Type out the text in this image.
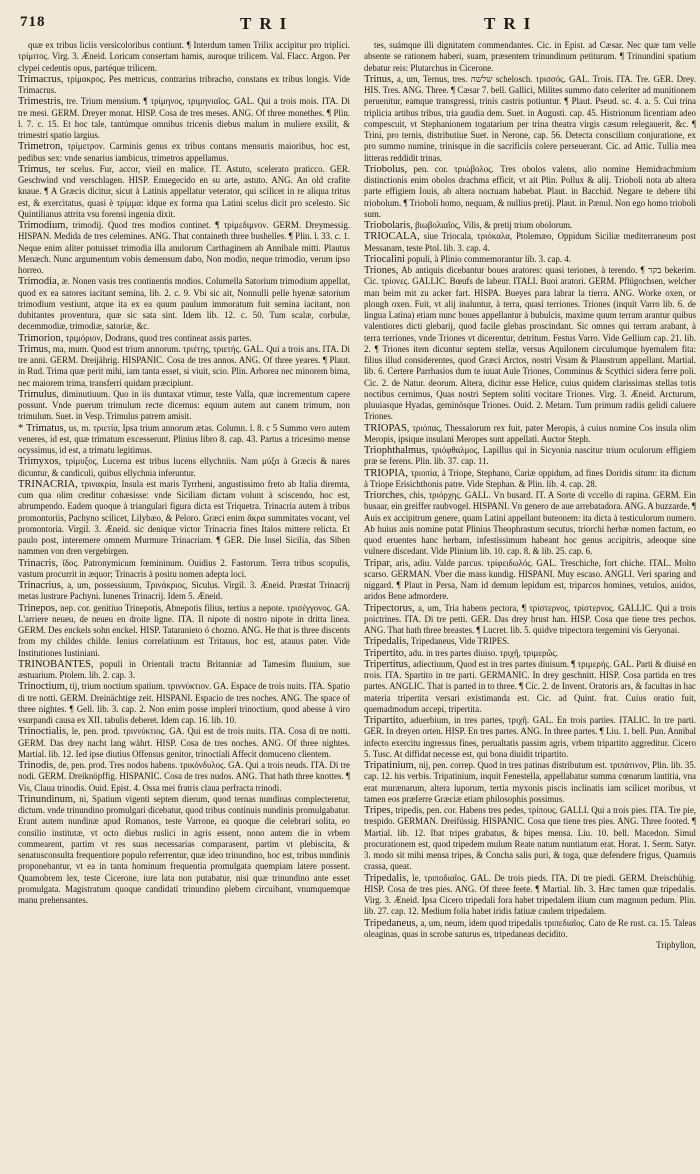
718	TRI	TRI

quæ ex tribus liciis versicoloribus contiunt. ¶ Interdum tamen Trilix accipitur pro triplici. τρίμιτος. Virg. 3. Æneid. Loricam consertam hamis, auroque trilicem. Val. Flacc. Argon. Per clypei cedentis opus, partéque trilicem.

Trimacrus, τρίμακρος. Pes metricus, contrarius tribracho, constans ex tribus longis. Vide Trimacrus.

Trimestris, tre. Trium mensium. ¶ τρίμηνος, τριμηνιαῖος. GAL. Qui a trois mois. ITA. Di tre mesi. GERM. Dreyer monat. HISP. Cosa de tres meses. ANG. Of three monethes. ¶ Plin. l. 7. c. 15. Et hoc tale, tantúmque omnibus tricenis diebus malum in muliere exsilit, & trimestri spatio largius.

Trimetron, τρίμετρον. Carminis genus ex tribus contans mensuris maioribus, hoc est, pedibus sex: vnde senarius iambicus, trimetros appellamus.

Trimus, ter scelus. Fur, accor, vieil en malice. IT. Astuto, scelerato praticco. GER. Geschwind vnd verschlagen. HISP. Enuegecido en su arte, astuto. ANG. An old crafite knaue. ¶ A Græcis dicitur, sicut à Latinis appellatur veterator, qui scilicet in re aliqua tritus est, & exercitatus, quasi è τρίμμα: idque ex forma qua Latini scelus dicit pro scelesto. Sic Quintilianus attrita vsu forensi ingenia dixit.

Trimodium, trimodij. Quod tres modios continet. ¶ τρίμεδιμνον. GERM. Dreymessig. HISPAN. Medida de tres celemines. ANG. That containeth three bushelles. ¶ Plin. l. 33. c. 1. Neque enim aliter potuisset trimodia illa anulorum Carthaginem ab Annibale mitti. Plautus Menæch. Nunc argumentum vobis demensum dabo, Non modio, neque trimodio, verum ipso horreo.

Trimodia, æ. Nonen vasis tres continentis modios. Columella Satorium trimodium appellat, quod ex ea satores iacitant semina, lib. 2. c. 9. Vbi sic ait, Nonnulli pelle hyenæ satorium trimodium vestiunt, atque ita ex ea quum paulum immoratum fuit semina iacitant, non dubitantes proventura, quæ sic sata sint. Idem lib. 12. c. 50. Tum scalæ, corbulæ, decemmodiæ, trimodiæ, satoriæ, &c.

Trimorion, τριμόριον, Dodrans, quod tres contineat assis partes.

Trimus, ma, mum. Quod est trium annorum. τριέτης, τριετής. GAL. Qui a trois ans. ITA. Di tre anni. GERM. Dreijährig. HISPANIC. Cosa de tres annos. ANG. Of three yeares. ¶ Plaut. in Rud. Trima quæ perit mihi, iam tanta esset, si viuit, scio. Plin. Arborea nec minorem bima, nec maiorem trima, transferri quidam præcipiunt.

Trimulus, diminutiuum. Quo in iis duntaxat vtimur, teste Valla, quæ incrementum capere possunt. Vnde puerum trimulum recte dicemus: equum autem aut canem trimum, non trimulum. Suet. in Vesp. Trimulus patrem amisit.

* Trimatus, us, m. τριετία, Ipsa trium annorum ætas. Column. l. 8. c 5 Summo vero autem veneres, id est, quæ trimatum excesserunt. Plinius libro 8. cap. 43. Partus a tricesimo mense ocyssimus, id est, a trimatu legitimus.

Trimyxos, τρίμυξος, Lucerna est tribus lucens ellychniis. Nam μύξα à Græcis & nares dicuntur, & candiculi, quibus ellychnia inferuntur.

TRINACRIA, τρινακρία, Insula est maris Tyrrheni, angustissimo freto ab Italia diremta, cum qua olim creditur cohæsisse: vnde Siciliam dictam volunt à sciscendo, hoc est, abrumpendo. Eadem quoque à triangulari figura dicta est Triquetra. Trinacria autem à tribus promontoriis, Pachyno scilicet, Lilybæo, & Peloro. Græci enim ἄκρα summitates vocant, vel promontoria. Virgil. 3. Æneid. sic denique victor Trinacria fines Italos mittere relicta. Et paulo post, interemere omnem Murmure Trinacriam. ¶ GER. Die Insel Sicilia, das Siben nammen von dren vergebirgen.

Trinacris, ἴδος. Patronymicum fœmininum. Ouidius 2. Fastorum. Terra tribus scopulis, vastum procurrit in æquor; Trinacris à positu nomen adepta loci.

Trinacrius, a, um, possessiuum, Τρινάκριος, Siculus. Virgil. 3. Æneid. Præstat Trinacrij metas lustrare Pachyni. Iunenes Trinacrij. Idem 5. Æneid.

Trinepos, nep. cor. genitiuo Trinepotis, Abnepotis filius, tertius a nepote. τρισέγγονος. GA. L'arriere neueu, de neueu en droite ligne. ITA. Il nipote di nostro nipote in dritta linea. GERM. Des enckels sohn enckel. HISP. Tataranieto ó chozno. ANG. He that is three discents from my childes childe. Ienius correlatiuum est Tritauus, hoc est, atauus pater. Vide Institutiones Iustiniani.

TRINOBANTES, populi in Orientali tractu Britanniæ ad Tamesim fluuium, sue æstuarium. Ptolem. lib. 2. cap. 3.

Trinoctium, tij, trium noctium spatium. τριννύκτιον. GA. Espace de trois nuits. ITA. Spatio di tre notti. GERM. Dreinächtige zeit. HISPANI. Espacio de tres noches. ANG. The space of three nightes. ¶ Gell. lib. 3. cap. 2. Non enim posse impleri trinoctium, quod abesse à viro vsurpandi causa ex XII. tabulis deberet. Idem cap. 16. lib. 10.

Trinoctialis, le, pen. prod. τριννύκτιος. GA. Qui est de trois nuits. ITA. Cosa di tre notti. GERM. Das drey nacht lang währt. HISP. Cosa de tres noches. ANG. Of three nightes. Martial. lib. 12. Ied ipse diutius Offensus genitor, trinoctiali Affecit domuceno clientem.

Trinodis, de, pen. prod. Tres nodos habens. τρικόνδυλος. GA. Qui a trois neuds. ITA. Di tre nodi. GERM. Dreiknöpffig. HISPANIC. Cosa de tres nudos. ANG. That hath three knottes. ¶ Vis, Claua trinodis. Ouid. Epist. 4. Ossa mei fratris claua perfracta trinodi.

Trinundinum, ni, Spatium vigenti septem dierum, quod ternas nundinas complecteretur, dictum. vnde trinundino promulgari dicebatur, quod tribus continuis nundinis promulgabatur. Erant autem nundinæ apud Romanos, teste Varrone, ea quoque die celebrari solita, eo consilio institutæ, vt octo diebus ruslici in agris essent, nono autem die in vrbem commearent, partim vt res suas necessarias comparasent, partim vt plebiscita, & senatusconsulta frequentiore populo referrentur, quæ ideo trinundino, hoc est, tribus nundinis proponebantur, vt ea in tanta hominum frequentia promulgata quempiam latere possent. Quamobrem lex, teste Cicerone, iure lata non putabatur, nisi quæ trinundino ante esset promulgata. Magistratum quoque candidati trinundino plebem circuibant, vnumquemque manu prehensantes.

tes, suámque illi dignitatem commendantes. Cic. in Epist. ad Cæsar. Nec quæ tam velle absente se rationem haberi, suam, præsentem trinundinum petiturum. ¶ Trinundini spatium debatur reis: Plutarchus in Cicerone.

Trinus, a, um, Ternus, tres. שלשה schelosch. τρισσός. GAL. Trois. ITA. Tre. GER. Drey. HIS. Tres. ANG. Three. ¶ Cæsar 7. bell. Gallici, Milites summo dato celeriter ad munitionem peruenitur, eamque transgressi, trinis castris potiuntur. ¶ Plaut. Pseud. sc. 4. a. 5. Cui trina triplicia artibus tribus, tria gaudia dem. Suet. in Augusti. cap. 45. Histrionum licentiam adeo compescuit, vt Stephanionem togatarium per trina theatra virgis cæsum relegauerit, &c. ¶ Trini, pro ternis, distributiue Suet. in Nerone, cap. 56. Detecta conscilium conjuratione, ex pro summo numine, trinisque in die sacrificiis colere perseuerant. Cic. ad Attic. Tullia mea litteras reddidit trinas.

Triobolus, pen. cor. τριώβολος. Tres obolos valens, alio nomine Hemidrachmium distinctionis enim obolos drachma efficit, vt ait Plin. Pollux & alij. Trioboli nota ab altera parte effigiem Iouis, ab altera noctuam habebat. Plaut. in Bacchid. Negare te debere tibi triobolum. ¶ Trioboli homo, nequam, & nullius pretij. Plaut. in Pænul. Non ego homo trioboli sum.

Triobolaris, βιωβολιαῖος, Vilis, & pretij trium obolorum.

TRIOCALA, siue Triocala, τριόκαλα, Ptolemæo, Oppidum Siciliæ mediterraneum post Messanam, teste Ptol. lib. 3. cap. 4.

Triocalini populi, à Plinio commemorantur lib. 3. cap. 4.

Triones, Ab antiquis dicebantur boues aratores: quasi teriones, à terendo. ¶ בקר bekerim. Cic. τρίονες. GALLIC. Bœufs de labeur. ITALI. Buoi aratori. GERM. Pflügochsen, welcher man beim mit zu acker fart. HISPA. Bueyes para labrar la tierra. ANG. Worke oxen, or plough oxen. Fuit, vt alij inaluntur, à terra, quasi terriones. Triones (inquit Varro lib. 6. de lingua Latina) etiam nunc boues appellantur à bubulcis, maxime quum terram arantur quibus valentiores dicti glebarij, quod facile glebas proscindant. Sic omnes qui terram arabant, à terra terriones, vnde Triones vt dicerentur, detritum. Festus Varro. Vide Gellium cap. 21. lib. 2. ¶ Triones item dicuntur septem stellæ, versus Aquilonem circulumque hyemalem fita: filius illud considerentes, quod Græci Arctos, nostri Vrsam & Plaustrum appellant. Martial. lib. 6. Certere Parrhasios dum te iuuat Aule Triones, Comminus & Scythici sidera ferre poli. Cic. 2. de Natur. deorum. Altera, dicitur esse Helice, cuius quidem clarissimas stellas totis noctibus cernimus, Quas nostri Septem soliti vocitare Triones. Virg. 3. Æneid. Arcturum, pluuiasque Hyadas, geminósque Triones. Ouid. 2. Metam. Tum primum radiis gelidi caluere Triones.

TRIOPAS, τριόπας, Thessalorum rex fuit, pater Meropis, à cuius nomine Cos insula olim Meropis, ipsique insulani Meropes sunt appellati. Auctor Steph.

Triophthalmus, τριόφθαλμος, Lapillus qui in Sicyonia nascitur trium oculorum effigiem præ se ferens. Plin. lib. 37. cap. 11.

TRIOPIA, τριοπία, à Triope, Stephano, Cariæ oppidum, ad fines Doridis situm: ita dictum à Triope Erisichthonis patre. Vide Stephan. & Plin. lib. 4. cap. 28.

Triorches, chis, τριόρχης. GALL. Vn busard. IT. A Sorte di vccello di rapina. GERM. Ein busaar, ein greiffer raubvogel. HISPANI. Vn genero de aue arrebatadora. ANG. A buzzarde. ¶ Auis ex accipitrum genere, quam Latini appellant buteonem: ita dicta à testiculorum numero. Ab huius auis nomine putat Plinius Theophrastum secutus, triorchi herbæ nomen factum, eo quod eruentes hanc herbam, infestissimum habeant hoc genus accipitris, adeoque sine vulnere discedant. Vide Plinium lib. 10. cap. 8. & lib. 25. cap. 6.

Tripar, aris, adiu. Valde parcus. τρίφειδωλός. GAL. Treschiche, fort chiche. ITAL. Molto scarso. GERMAN. Vber die mass kundig. HISPANI. Muy escaso. ANGLI. Veri sparing and niggard. ¶ Plaut in Persa, Nam id demum lepidum est, triparcos homines, vetulos, auidos, aridos Bene admordere.

Tripectorus, a, um, Tria habens pectora, ¶ τρίστερνος, τρίστερνος. GALLIC. Qui a trois poictrines. ITA. Di tre petti. GER. Das drey brust han. HISP. Cosa que tiene tres pechos. ANG. That hath three breastes. ¶ Lucret. lib. 5. quidve tripectora tergemini vis Geryonai.

Tripedalis, Tripedaneus, Vide TRIPES.

Tripertito, adu. in tres partes diuiso. τριχῆ, τριμερῶς.

Tripertitus, adiectiuum, Quod est in tres partes diuisum. ¶ τριμερής. GAL. Parti & diuisé en trois. ITA. Spartito in tre parti. GERMANIC. In drey geschnitt. HISP. Cosa partida en tres partes. ANGLIC. That is parted in to three. ¶ Cic. 2. de Invent. Oratoris ars, & facultas in hac materia tripertita versari existimanda est. Cic. ad Quint. frat. Cuius oratio fuit, quemadmodum accepi, tripertita.

Tripartito, aduerbium, in tres partes, τριχῆ. GAL. En trois parties. ITALIC. In tre parti. GER. In dreyen orten. HISP. En tres partes. ANG. In three partes. ¶ Liu. 1. bell. Pun. Annibal infecto exercitu ingressus fines, perualtatis passim agris, vrbem tripartito aggreditur. Cicero 5. Tusc. At diffidat necesse est, qui bona diuidit tripartito.

Tripatinium, nij, pen. correp. Quod in tres patinas distributum est. τριπάτινον, Plin. lib. 35. cap. 12. his verbis. Tripatinium, inquit Fenestella, appellabatur summa cœnarum lautitia, vna erat murænarum, altera luporum, tertia myxonis piscis inclinatis iam scilicet moribus, vt tamen eos præferre Græciæ etiam philosophis possimus.

Tripes, tripedis, pen. cor. Habens tres pedes, τρίπους. GALLI. Qui a trois pies. ITA. Tre pie, trespido. GERMAN. Dreifüssig. HISPANIC. Cosa que tiene tres pies. ANG. Three footed. ¶ Martial. lib. 12. Ibat tripes grabatus, & bipes mensa. Liu. 10. bell. Macedon. Simul procurationem est, quod tripedem mulum Reate natum nuntiatum erat. Horat. 1. Serm. Satyr. 3. modo sit mihi mensa tripes, & Concha salis puri, & toga, quæ defendere frigus, Quamuis crassa, queat.

Tripedalis, le, τριποδιαῖος. GAL. De trois pieds. ITA. Di tre piedi. GERM. Dreischühig. HISP. Cosa de tres pies. ANG. Of three feete. ¶ Martial. lib. 3. Hæc tamen quæ tripedalis. Virg. 3. Æneid. Ipsa Cicero tripedali fora habet tripedalem ilium cum magnum pedum. Plin. lib. 27. cap. 12. Medium folia habet iridis fatiuæ caulem tripedalem.

Tripedaneus, a, um, neum, idem quod tripedalis τριπεδιαῖος. Cato de Re rust. ca. 15. Taleas oleaginas, quas in scrobe saturus es, tripedaneas decidito.

Triphyllon,
